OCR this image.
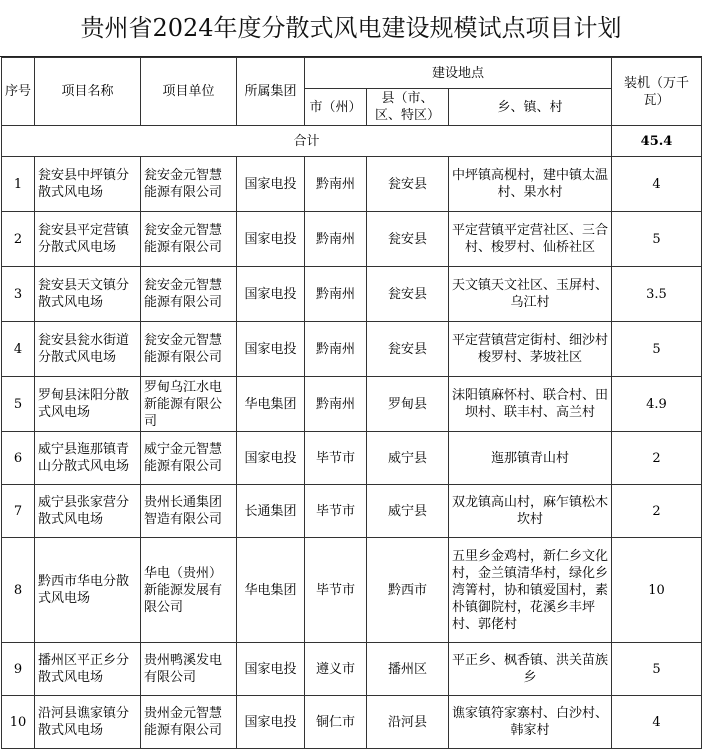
贵州省2024年度分散式风电建设规模试点项目计划
序号	项目名称	项目单位	所属集团	建设地点			装机（万千瓦）
				市（州）	县（市、区、特区）	乡、镇、村	
合计							45.4
1	瓮安县中坪镇分散式风电场	瓮安金元智慧能源有限公司	国家电投	黔南州	瓮安县	中坪镇高枧村，建中镇太温村、果水村	4
2	瓮安县平定营镇分散式风电场	瓮安金元智慧能源有限公司	国家电投	黔南州	瓮安县	平定营镇平定营社区、三合村、梭罗村、仙桥社区	5
3	瓮安县天文镇分散式风电场	瓮安金元智慧能源有限公司	国家电投	黔南州	瓮安县	天文镇天文社区、玉屏村、乌江村	3.5
4	瓮安县瓮水街道分散式风电场	瓮安金元智慧能源有限公司	国家电投	黔南州	瓮安县	平定营镇营定街村、细沙村梭罗村、茅坡社区	5
5	罗甸县沫阳分散式风电场	罗甸乌江水电新能源有限公司	华电集团	黔南州	罗甸县	沫阳镇麻怀村、联合村、田坝村、联丰村、高兰村	4.9
6	威宁县迤那镇青山分散式风电场	威宁金元智慧能源有限公司	国家电投	毕节市	威宁县	迤那镇青山村	2
7	威宁县张家营分散式风电场	贵州长通集团智造有限公司	长通集团	毕节市	威宁县	双龙镇高山村，麻乍镇松木坎村	2
8	黔西市华电分散式风电场	华电（贵州）新能源发展有限公司	华电集团	毕节市	黔西市	五里乡金鸡村，新仁乡文化村，金兰镇清华村，绿化乡湾箐村，协和镇爱国村，素朴镇御院村，花溪乡丰坪村、郭佬村	10
9	播州区平正乡分散式风电场	贵州鸭溪发电有限公司	国家电投	遵义市	播州区	平正乡、枫香镇、洪关苗族乡	5
10	沿河县谯家镇分散式风电场	贵州金元智慧能源有限公司	国家电投	铜仁市	沿河县	谯家镇符家寨村、白沙村、韩家村	4
